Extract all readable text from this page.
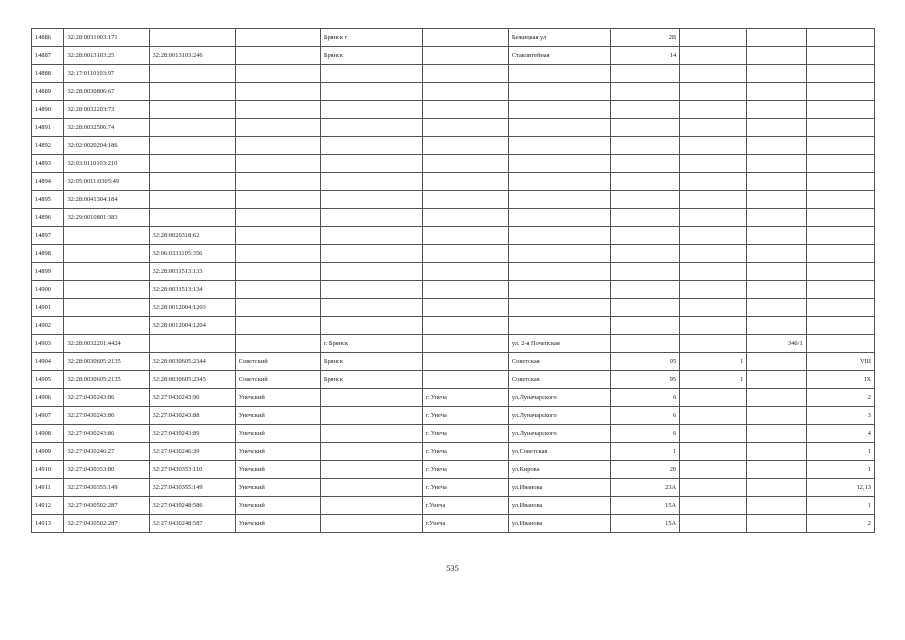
14886	32:28:0031003:171			Брянск г		Бежицкая ул	2В			
14887	32:28:0013103:25	32:28:0013103:246		Брянск		Ставлитейная	14			
14888	32:17:0110103:97									
14889	32:28:0030806:67									
14890	32:28:0032203:73									
14891	32:28:0032506:74									
14892	32:02:0020204:186									
14893	32:03:0110103:210									
14894	32:05:0011:0305:49									
14895	32:28:0041304:184									
14896	32:29:0010801:383									
14897		32:28:0020318:62								
14898		32:06:0331105:356								
14899		32:28:0031513:133								
14900		32:28:0031513:134								
14901		32:28:0012004:1203								
14902		32:28:0012004:1204								
14903	32:28:0032201:4424			г. Брянск		ул. 2-я Почепская			34б/1	
14904	32:28:0030605:2135	32:28:0030605:2344	Советский	Брянск		Советская	95	1		VIII
14905	32:28:0030605:2135	32:28:0030605:2345	Советский	Брянск		Советская	95	1		IX
14906	32:27:0430243:86	32:27:0430243:90	Унечский		г. Унеча	ул.Луначарского	6			2
14907	32:27:0430243:86	32:27:0430243:88	Унечский		г. Унеча	ул.Луначарского	6			3
14908	32:27:0430243:86	32:27:0430243:89	Унечский		г. Унеча	ул.Луначарского	6			4
14909	32:27:0430246:27	32:27:0430246:39	Унечский		г. Унеча	ул.Советская	1			1
14910	32:27:0430353:80	32:27:0430353:110	Унечский		г. Унеча	ул.Кирова	20			1
14911	32:27:0430355:149	32:27:0430355:149	Унечский		г. Унеча	ул.Иванова	23А			12,13
14912	32:27:0430502:287	32:27:0430248:586	Унечский		г.Унеча	ул.Иванова	15А			1
14913	32:27:0430502:287	32:27:0430248:587	Унечский		г.Унеча	ул.Иванова	15А			2
535
